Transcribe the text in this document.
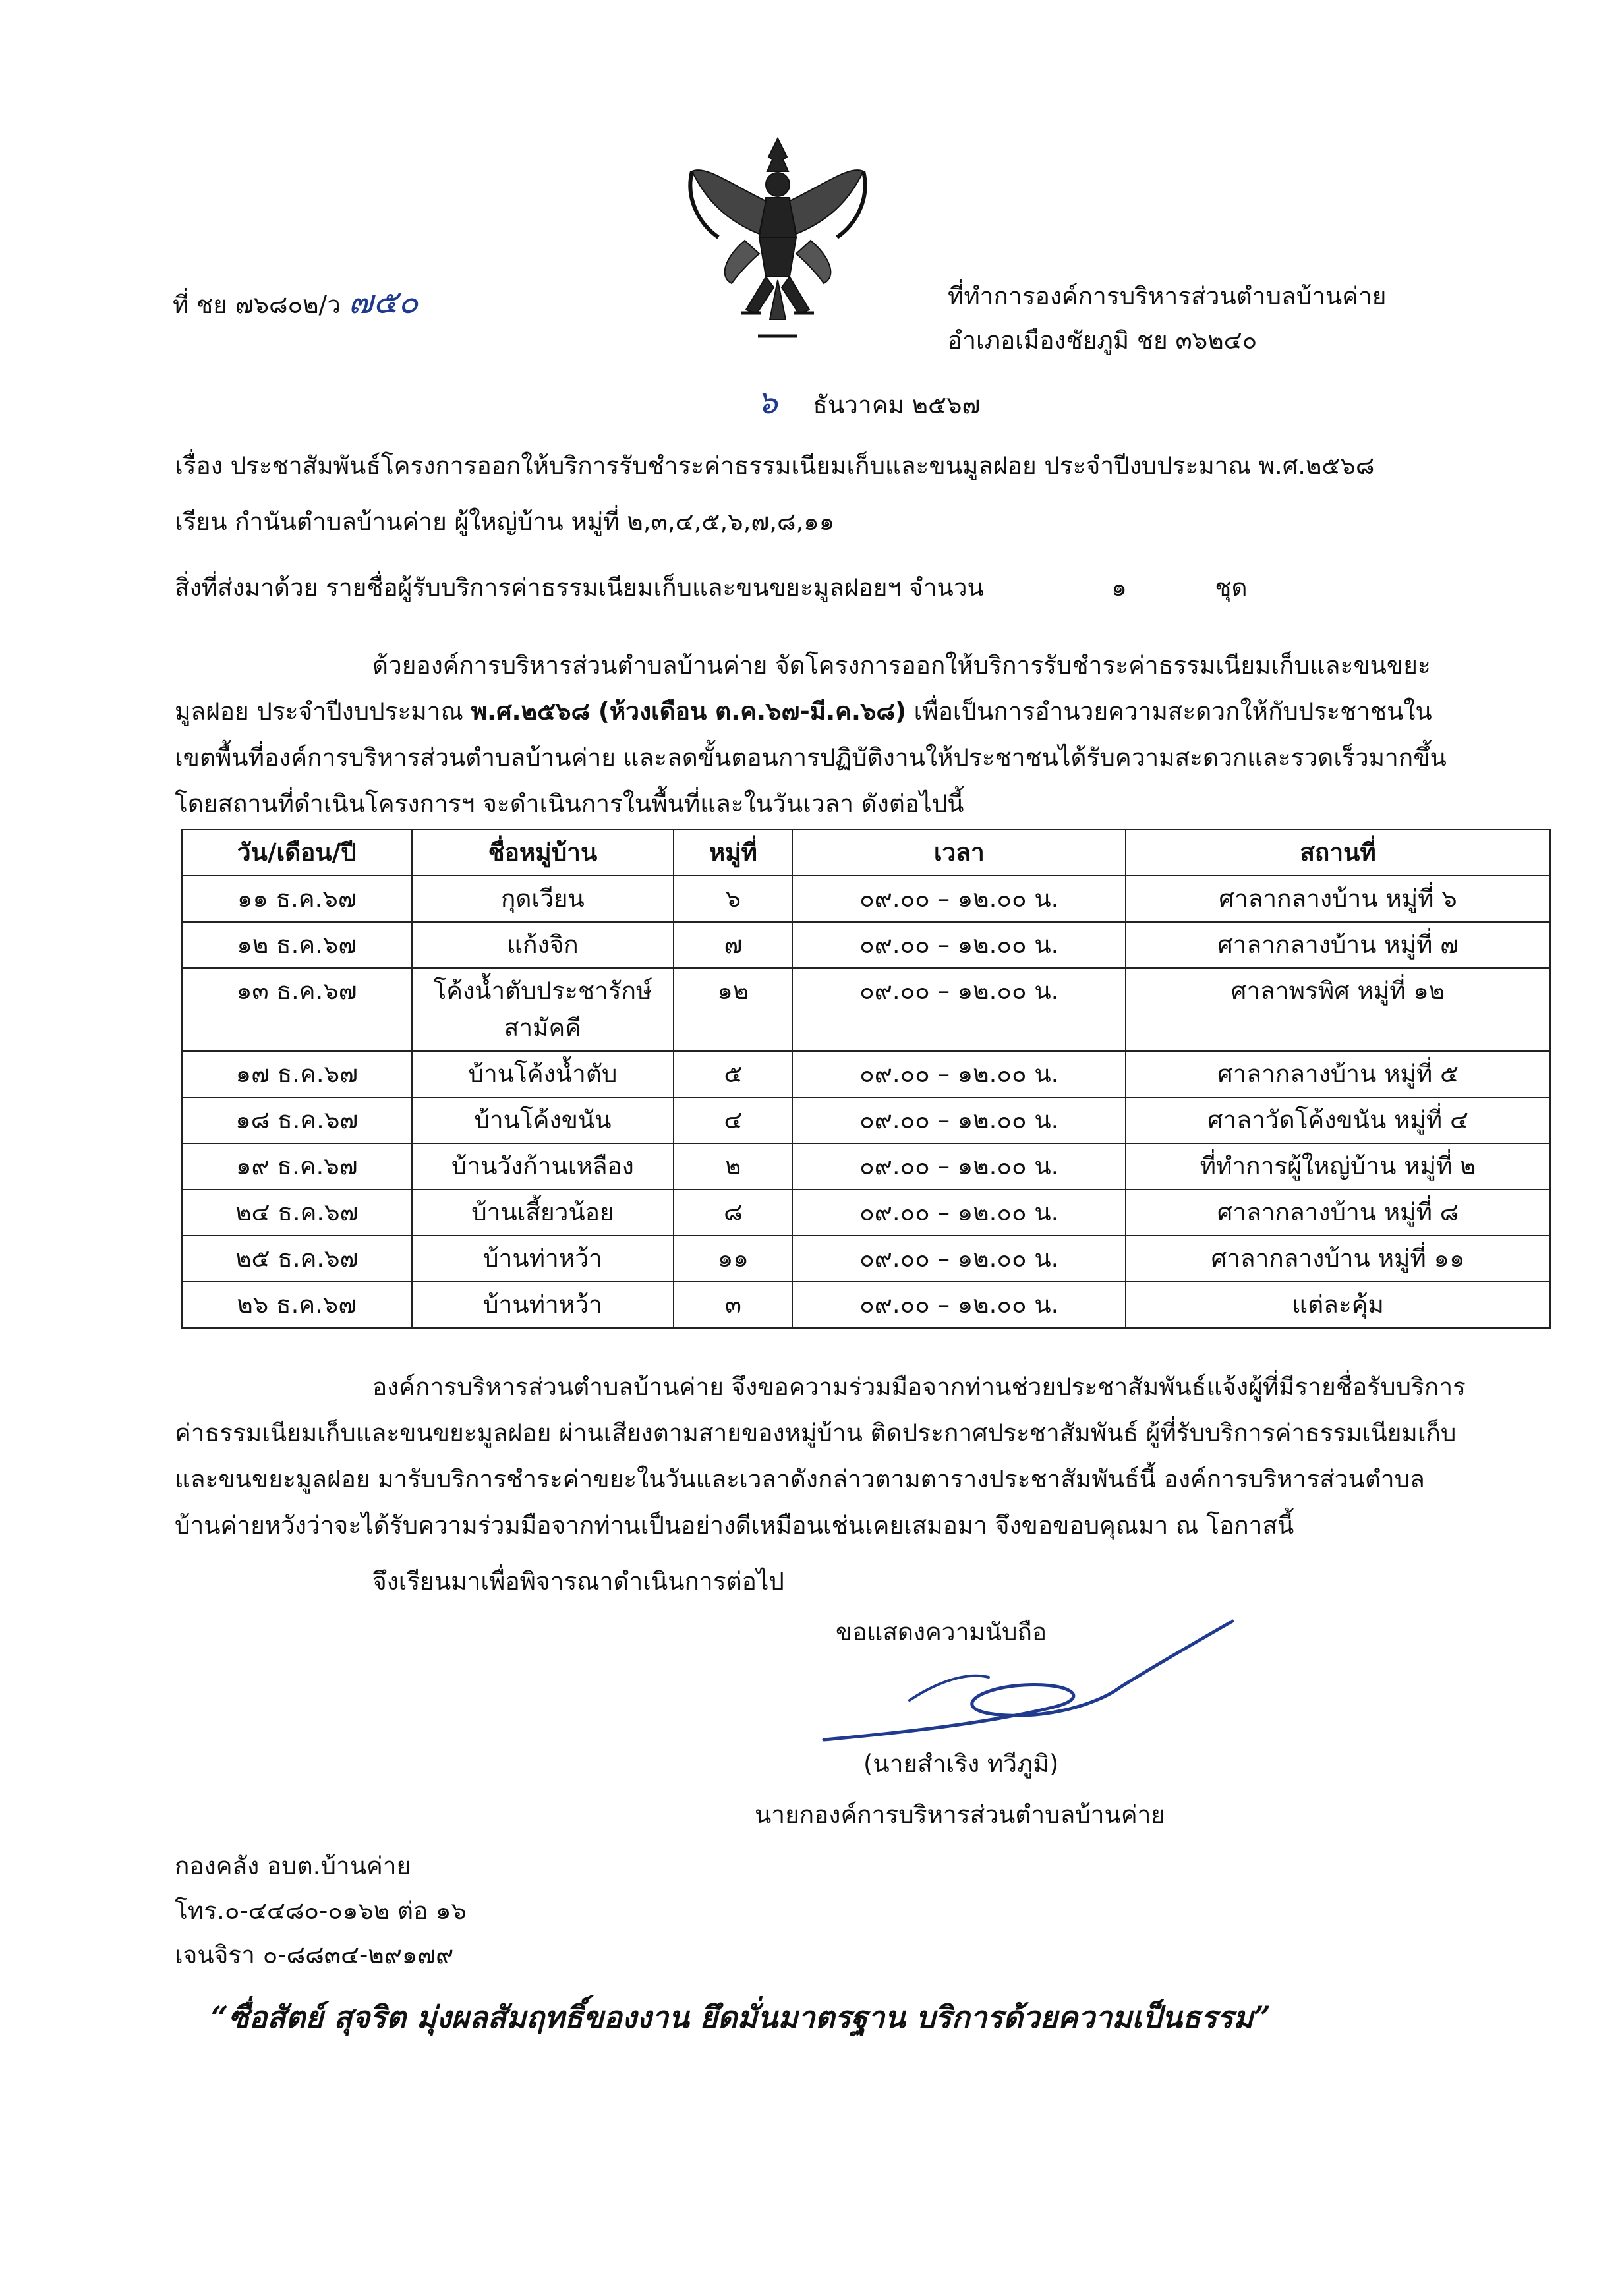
ที่ ชย ๗๖๘๐๒/ว ๗๕๐	ที่ทำการองค์การบริหารส่วนตำบลบ้านค่าย
อำเภอเมืองชัยภูมิ ชย ๓๖๒๔๐
๖ ธันวาคม ๒๕๖๗
เรื่อง ประชาสัมพันธ์โครงการออกให้บริการรับชำระค่าธรรมเนียมเก็บและขนมูลฝอย ประจำปีงบประมาณ พ.ศ.๒๕๖๘
เรียน กำนันตำบลบ้านค่าย ผู้ใหญ่บ้าน หมู่ที่ ๒,๓,๔,๕,๖,๗,๘,๑๑
สิ่งที่ส่งมาด้วย รายชื่อผู้รับบริการค่าธรรมเนียมเก็บและขนขยะมูลฝอยฯ จำนวน	๑	ชุด
ด้วยองค์การบริหารส่วนตำบลบ้านค่าย จัดโครงการออกให้บริการรับชำระค่าธรรมเนียมเก็บและขนขยะมูลฝอย ประจำปีงบประมาณ พ.ศ.๒๕๖๘ (ห้วงเดือน ต.ค.๖๗-มี.ค.๖๘) เพื่อเป็นการอำนวยความสะดวกให้กับประชาชนในเขตพื้นที่องค์การบริหารส่วนตำบลบ้านค่าย และลดขั้นตอนการปฏิบัติงานให้ประชาชนได้รับความสะดวกและรวดเร็วมากขึ้น โดยสถานที่ดำเนินโครงการฯ จะดำเนินการในพื้นที่และในวันเวลา ดังต่อไปนี้
วัน/เดือน/ปี	ชื่อหมู่บ้าน	หมู่ที่	เวลา	สถานที่
๑๑ ธ.ค.๖๗	กุดเวียน	๖	๐๙.๐๐ – ๑๒.๐๐ น.	ศาลากลางบ้าน หมู่ที่ ๖
๑๒ ธ.ค.๖๗	แก้งจิก	๗	๐๙.๐๐ – ๑๒.๐๐ น.	ศาลากลางบ้าน หมู่ที่ ๗
๑๓ ธ.ค.๖๗	โค้งน้ำตับประชารักษ์
สามัคคี	๑๒	๐๙.๐๐ – ๑๒.๐๐ น.	ศาลาพรพิศ หมู่ที่ ๑๒
๑๗ ธ.ค.๖๗	บ้านโค้งน้ำตับ	๕	๐๙.๐๐ – ๑๒.๐๐ น.	ศาลากลางบ้าน หมู่ที่ ๕
๑๘ ธ.ค.๖๗	บ้านโค้งขนัน	๔	๐๙.๐๐ – ๑๒.๐๐ น.	ศาลาวัดโค้งขนัน หมู่ที่ ๔
๑๙ ธ.ค.๖๗	บ้านวังก้านเหลือง	๒	๐๙.๐๐ – ๑๒.๐๐ น.	ที่ทำการผู้ใหญ่บ้าน หมู่ที่ ๒
๒๔ ธ.ค.๖๗	บ้านเสี้ยวน้อย	๘	๐๙.๐๐ – ๑๒.๐๐ น.	ศาลากลางบ้าน หมู่ที่ ๘
๒๕ ธ.ค.๖๗	บ้านท่าหว้า	๑๑	๐๙.๐๐ – ๑๒.๐๐ น.	ศาลากลางบ้าน หมู่ที่ ๑๑
๒๖ ธ.ค.๖๗	บ้านท่าหว้า	๓	๐๙.๐๐ – ๑๒.๐๐ น.	แต่ละคุ้ม
องค์การบริหารส่วนตำบลบ้านค่าย จึงขอความร่วมมือจากท่านช่วยประชาสัมพันธ์แจ้งผู้ที่มีรายชื่อรับบริการค่าธรรมเนียมเก็บและขนขยะมูลฝอย ผ่านเสียงตามสายของหมู่บ้าน ติดประกาศประชาสัมพันธ์ ผู้ที่รับบริการค่าธรรมเนียมเก็บและขนขยะมูลฝอย มารับบริการชำระค่าขยะในวันและเวลาดังกล่าวตามตารางประชาสัมพันธ์นี้ องค์การบริหารส่วนตำบลบ้านค่ายหวังว่าจะได้รับความร่วมมือจากท่านเป็นอย่างดีเหมือนเช่นเคยเสมอมา จึงขอขอบคุณมา ณ โอกาสนี้
จึงเรียนมาเพื่อพิจารณาดำเนินการต่อไป
ขอแสดงความนับถือ
(นายสำเริง ทวีภูมิ)
นายกองค์การบริหารส่วนตำบลบ้านค่าย
กองคลัง อบต.บ้านค่าย
โทร.๐-๔๔๘๐-๐๑๖๒ ต่อ ๑๖
เจนจิรา ๐-๘๘๓๔-๒๙๑๗๙
“ซื่อสัตย์ สุจริต มุ่งผลสัมฤทธิ์ของงาน ยึดมั่นมาตรฐาน บริการด้วยความเป็นธรรม”
